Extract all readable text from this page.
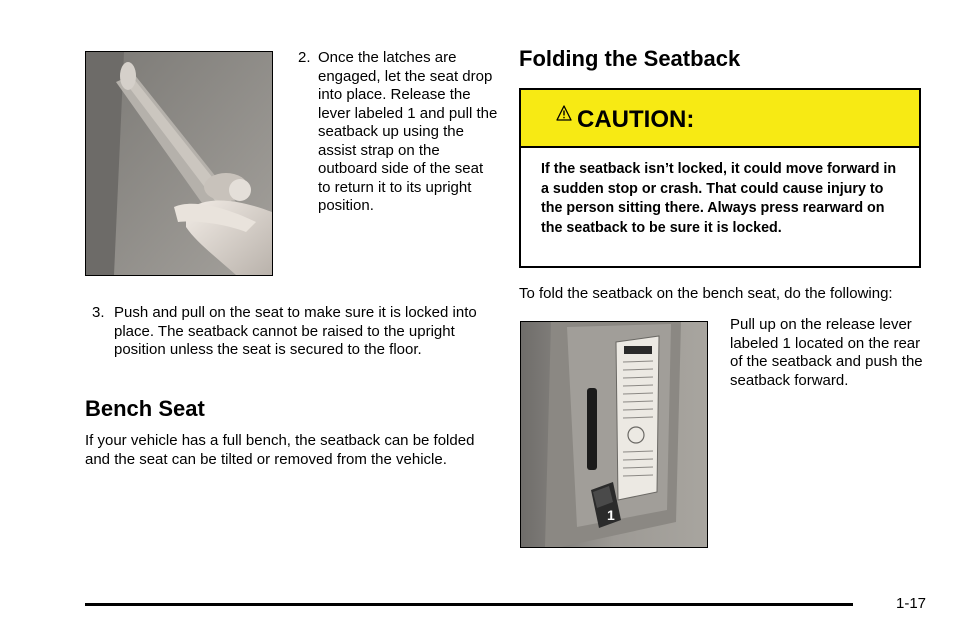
2. Once the latches are engaged, let the seat drop into place. Release the lever labeled 1 and pull the seatback up using the assist strap on the outboard side of the seat to return it to its upright position.
3. Push and pull on the seat to make sure it is locked into place. The seatback cannot be raised to the upright position unless the seat is secured to the floor.
Bench Seat
If your vehicle has a full bench, the seatback can be folded and the seat can be tilted or removed from the vehicle.
Folding the Seatback
CAUTION:
If the seatback isn’t locked, it could move forward in a sudden stop or crash. That could cause injury to the person sitting there. Always press rearward on the seatback to be sure it is locked.
To fold the seatback on the bench seat, do the following:
1
Pull up on the release lever labeled 1 located on the rear of the seatback and push the seatback forward.
1-17
